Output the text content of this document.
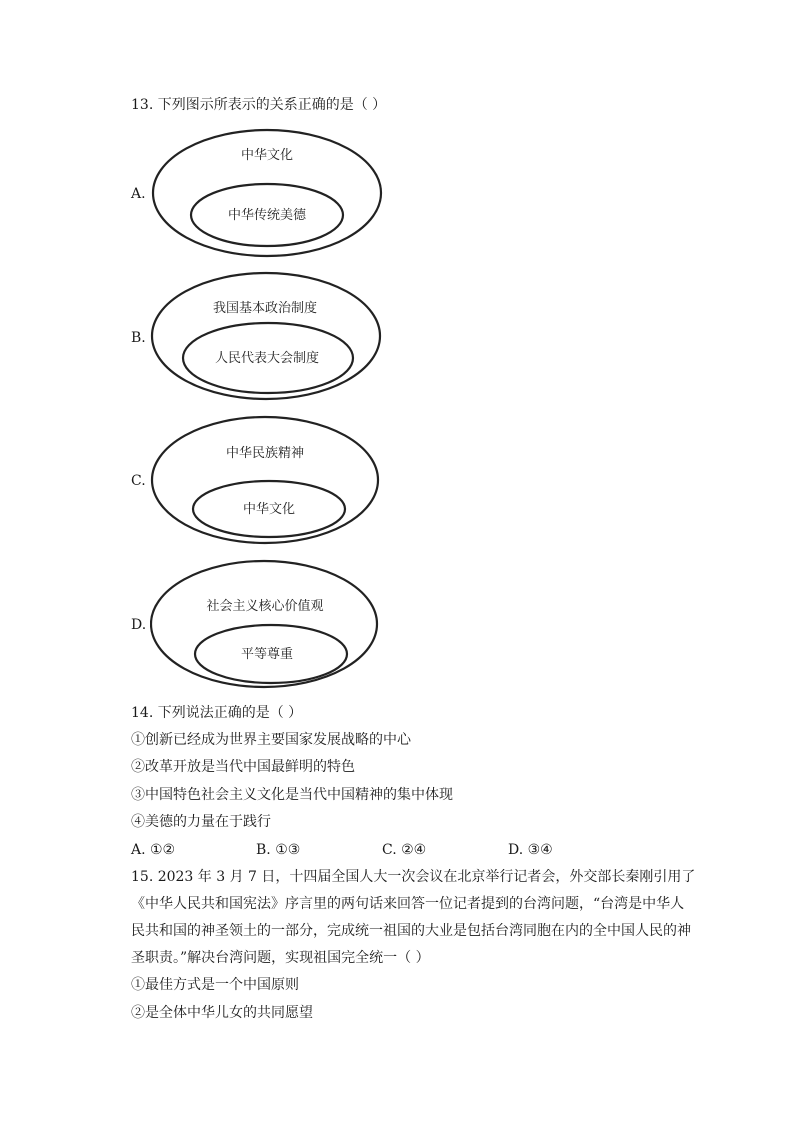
13. 下列图示所表示的关系正确的是（ ）
A.
中华文化
中华传统美德
B.
我国基本政治制度
人民代表大会制度
C.
中华民族精神
中华文化
D.
社会主义核心价值观
平等尊重
14. 下列说法正确的是（ ）
①创新已经成为世界主要国家发展战略的中心
②改革开放是当代中国最鲜明的特色
③中国特色社会主义文化是当代中国精神的集中体现
④美德的力量在于践行
A. ①②	B. ①③	C. ②④	D. ③④
15. 2023 年 3 月 7 日，十四届全国人大一次会议在北京举行记者会，外交部长秦刚引用了
《中华人民共和国宪法》序言里的两句话来回答一位记者提到的台湾问题，“台湾是中华人
民共和国的神圣领土的一部分，完成统一祖国的大业是包括台湾同胞在内的全中国人民的神
圣职责。”解决台湾问题，实现祖国完全统一（ ）
①最佳方式是一个中国原则
②是全体中华儿女的共同愿望
